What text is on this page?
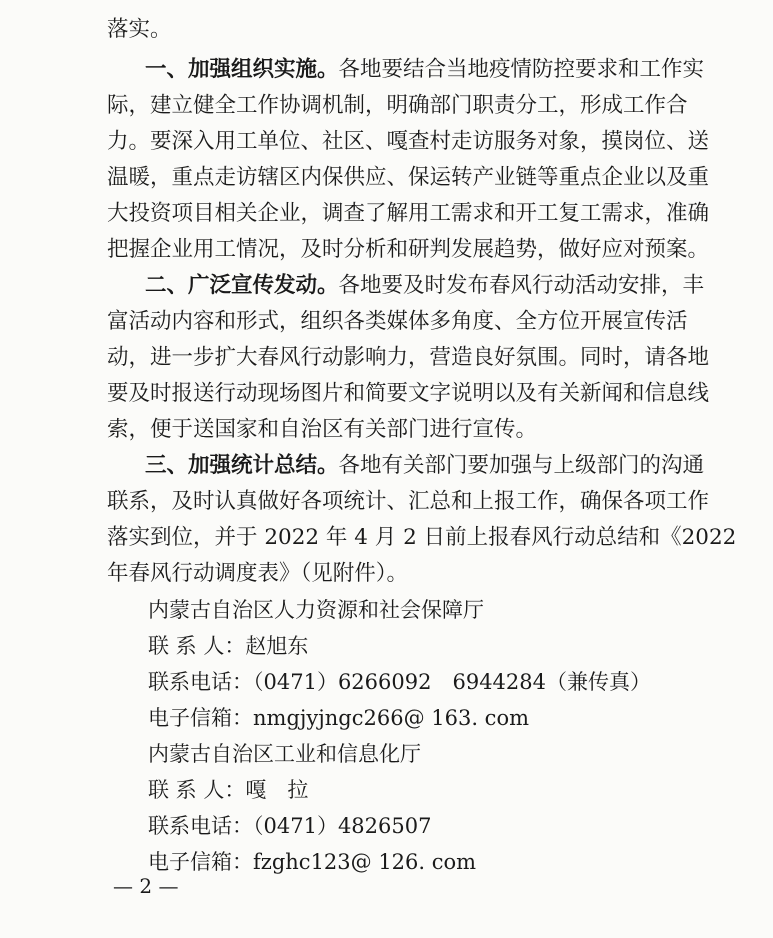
落实。
一、加强组织实施。各地要结合当地疫情防控要求和工作实
际，建立健全工作协调机制，明确部门职责分工，形成工作合
力。要深入用工单位、社区、嘎查村走访服务对象，摸岗位、送
温暖，重点走访辖区内保供应、保运转产业链等重点企业以及重
大投资项目相关企业，调查了解用工需求和开工复工需求，准确
把握企业用工情况，及时分析和研判发展趋势，做好应对预案。
二、广泛宣传发动。各地要及时发布春风行动活动安排，丰
富活动内容和形式，组织各类媒体多角度、全方位开展宣传活
动，进一步扩大春风行动影响力，营造良好氛围。同时，请各地
要及时报送行动现场图片和简要文字说明以及有关新闻和信息线
索，便于送国家和自治区有关部门进行宣传。
三、加强统计总结。各地有关部门要加强与上级部门的沟通
联系，及时认真做好各项统计、汇总和上报工作，确保各项工作
落实到位，并于 2022 年 4 月 2 日前上报春风行动总结和《2022
年春风行动调度表》（见附件）。
内蒙古自治区人力资源和社会保障厅
联 系 人：赵旭东
联系电话：（0471）6266092　6944284（兼传真）
电子信箱：nmgjyjngc266@ 163. com
内蒙古自治区工业和信息化厅
联 系 人：嘎　拉
联系电话：（0471）4826507
电子信箱：fzghc123@ 126. com
— 2 —
